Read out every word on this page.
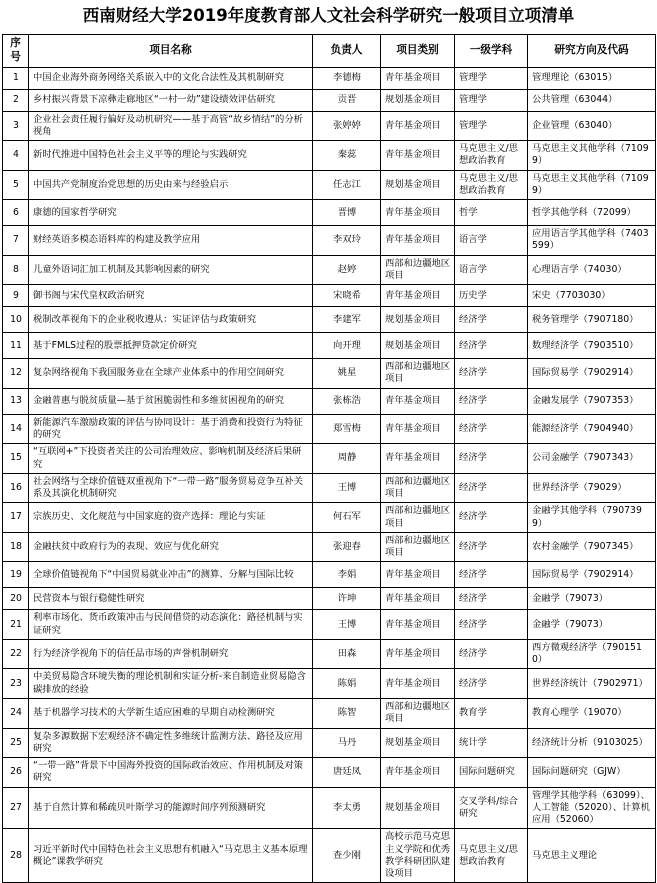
西南财经大学2019年度教育部人文社会科学研究一般项目立项清单
序号	项目名称	负责人	项目类别	一级学科	研究方向及代码
1	中国企业海外商务网络关系嵌入中的文化合法性及其机制研究	李德梅	青年基金项目	管理学	管理理论（63015）
2	乡村振兴背景下凉彝走廊地区“一村一幼”建设绩效评估研究	贡晋	规划基金项目	管理学	公共管理（63044）
3	企业社会责任履行偏好及动机研究——基于高管“故乡情结”的分析视角	张婷婷	青年基金项目	管理学	企业管理（63040）
4	新时代推进中国特色社会主义平等的理论与实践研究	秦蕊	青年基金项目	马克思主义/思想政治教育	马克思主义其他学科（71099）
5	中国共产党制度治党思想的历史由来与经验启示	任志江	规划基金项目	马克思主义/思想政治教育	马克思主义其他学科（71099）
6	康德的国家哲学研究	晋博	青年基金项目	哲学	哲学其他学科（72099）
7	财经英语多模态语料库的构建及教学应用	李双玲	青年基金项目	语言学	应用语言学其他学科（7403599）
8	儿童外语词汇加工机制及其影响因素的研究	赵婷	西部和边疆地区项目	语言学	心理语言学（74030）
9	御书阁与宋代皇权政治研究	宋晓希	青年基金项目	历史学	宋史（7703030）
10	税制改革视角下的企业税收遵从：实证评估与政策研究	李建军	规划基金项目	经济学	税务管理学（7907180）
11	基于FMLS过程的股票抵押贷款定价研究	向开理	规划基金项目	经济学	数理经济学（7903510）
12	复杂网络视角下我国服务业在全球产业体系中的作用空间研究	姚星	西部和边疆地区项目	经济学	国际贸易学（7902914）
13	金融普惠与脱贫质量—基于贫困脆弱性和多维贫困视角的研究	张栋浩	青年基金项目	经济学	金融发展学（7907353）
14	新能源汽车激励政策的评估与协同设计：基于消费和投资行为特征的研究	郑雪梅	青年基金项目	经济学	能源经济学（7904940）
15	“互联网+”下投资者关注的公司治理效应、影响机制及经济后果研究	周静	青年基金项目	经济学	公司金融学（7907343）
16	社会网络与全球价值链双重视角下“一带一路”服务贸易竞争互补关系及其演化机制研究	王博	西部和边疆地区项目	经济学	世界经济学（79029）
17	宗族历史、文化规范与中国家庭的资产选择：理论与实证	何石军	西部和边疆地区项目	经济学	金融学其他学科（7907399）
18	金融扶贫中政府行为的表现、效应与优化研究	张迎春	西部和边疆地区项目	经济学	农村金融学（7907345）
19	全球价值链视角下“中国贸易就业冲击”的测算、分解与国际比较	李娟	青年基金项目	经济学	国际贸易学（7902914）
20	民营资本与银行稳健性研究	许坤	青年基金项目	经济学	金融学（79073）
21	利率市场化、货币政策冲击与民间借贷的动态演化：路径机制与实证研究	王博	青年基金项目	经济学	金融学（79073）
22	行为经济学视角下的信任品市场的声誉机制研究	田森	青年基金项目	经济学	西方微观经济学（7901510）
23	中美贸易隐含环境失衡的理论机制和实证分析-来自制造业贸易隐含碳排放的经验	陈娟	青年基金项目	经济学	世界经济统计（7902971）
24	基于机器学习技术的大学新生适应困难的早期自动检测研究	陈智	西部和边疆地区项目	教育学	教育心理学（19070）
25	复杂多源数据下宏观经济不确定性多维统计监测方法、路径及应用研究	马丹	规划基金项目	统计学	经济统计分析（9103025）
26	“一带一路”背景下中国海外投资的国际政治效应、作用机制及对策研究	唐廷凤	青年基金项目	国际问题研究	国际问题研究（GJW）
27	基于自然计算和稀疏贝叶斯学习的能源时间序列预测研究	李太勇	规划基金项目	交叉学科/综合研究	管理学其他学科（63099）、人工智能（52020）、计算机应用（52060）
28	习近平新时代中国特色社会主义思想有机融入“马克思主义基本原理概论”课教学研究	查少刚	高校示范马克思主义学院和优秀教学科研团队建设项目	马克思主义/思想政治教育	马克思主义理论
